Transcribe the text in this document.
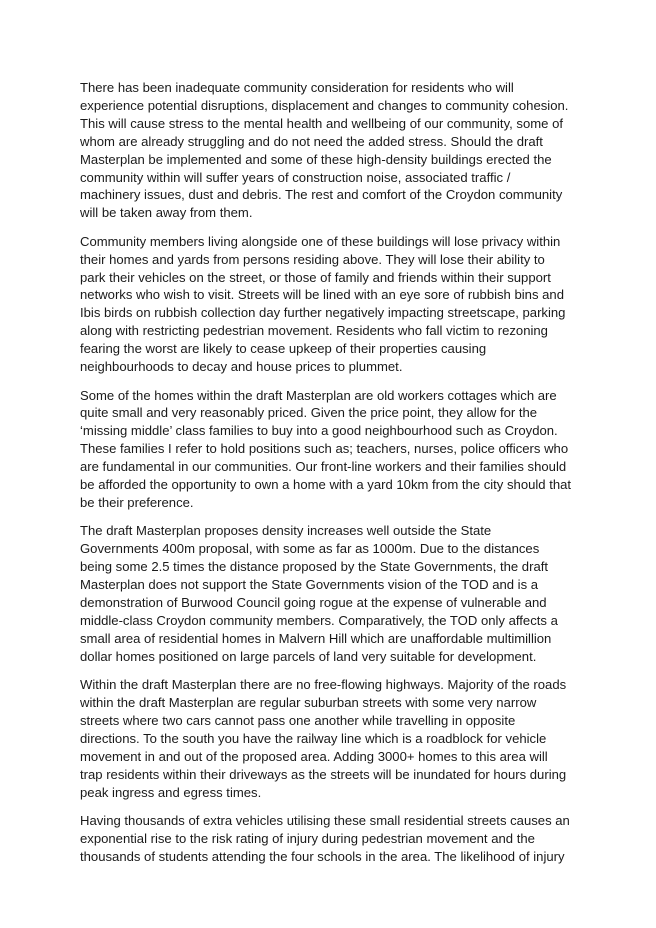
There has been inadequate community consideration for residents who will
experience potential disruptions, displacement and changes to community cohesion.
This will cause stress to the mental health and wellbeing of our community, some of
whom are already struggling and do not need the added stress. Should the draft
Masterplan be implemented and some of these high-density buildings erected the
community within will suffer years of construction noise, associated traffic /
machinery issues, dust and debris. The rest and comfort of the Croydon community
will be taken away from them.

Community members living alongside one of these buildings will lose privacy within
their homes and yards from persons residing above. They will lose their ability to
park their vehicles on the street, or those of family and friends within their support
networks who wish to visit. Streets will be lined with an eye sore of rubbish bins and
Ibis birds on rubbish collection day further negatively impacting streetscape, parking
along with restricting pedestrian movement. Residents who fall victim to rezoning
fearing the worst are likely to cease upkeep of their properties causing
neighbourhoods to decay and house prices to plummet.

Some of the homes within the draft Masterplan are old workers cottages which are
quite small and very reasonably priced. Given the price point, they allow for the
‘missing middle’ class families to buy into a good neighbourhood such as Croydon.
These families I refer to hold positions such as; teachers, nurses, police officers who
are fundamental in our communities. Our front-line workers and their families should
be afforded the opportunity to own a home with a yard 10km from the city should that
be their preference.

The draft Masterplan proposes density increases well outside the State
Governments 400m proposal, with some as far as 1000m. Due to the distances
being some 2.5 times the distance proposed by the State Governments, the draft
Masterplan does not support the State Governments vision of the TOD and is a
demonstration of Burwood Council going rogue at the expense of vulnerable and
middle-class Croydon community members. Comparatively, the TOD only affects a
small area of residential homes in Malvern Hill which are unaffordable multimillion
dollar homes positioned on large parcels of land very suitable for development.

Within the draft Masterplan there are no free-flowing highways. Majority of the roads
within the draft Masterplan are regular suburban streets with some very narrow
streets where two cars cannot pass one another while travelling in opposite
directions. To the south you have the railway line which is a roadblock for vehicle
movement in and out of the proposed area. Adding 3000+ homes to this area will
trap residents within their driveways as the streets will be inundated for hours during
peak ingress and egress times.

Having thousands of extra vehicles utilising these small residential streets causes an
exponential rise to the risk rating of injury during pedestrian movement and the
thousands of students attending the four schools in the area. The likelihood of injury
